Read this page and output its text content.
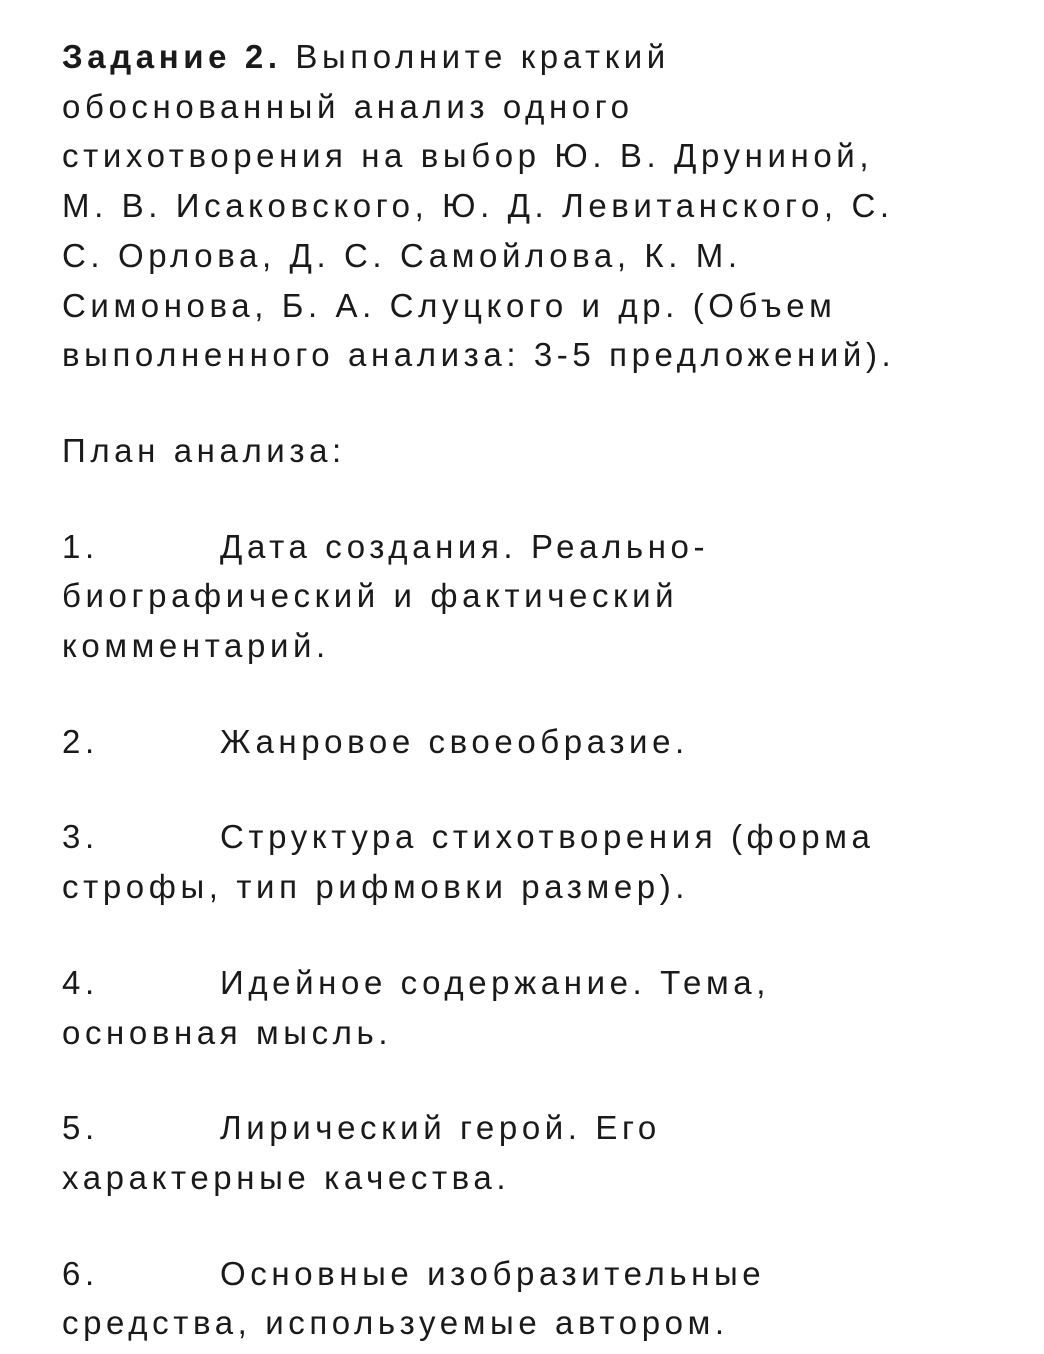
Задание 2. Выполните краткий
обоснованный анализ одного
стихотворения на выбор Ю. В. Друниной,
М. В. Исаковского, Ю. Д. Левитанского, С.
С. Орлова, Д. С. Самойлова, К. М.
Симонова, Б. А. Слуцкого и др. (Объем
выполненного анализа: 3-5 предложений).
План анализа:
1.	Дата создания. Реально-
биографический и фактический
комментарий.
2.	Жанровое своеобразие.
3.	Структура стихотворения (форма
строфы, тип рифмовки размер).
4.	Идейное содержание. Тема,
основная мысль.
5.	Лирический герой. Его
характерные качества.
6.	Основные изобразительные
средства, используемые автором.
